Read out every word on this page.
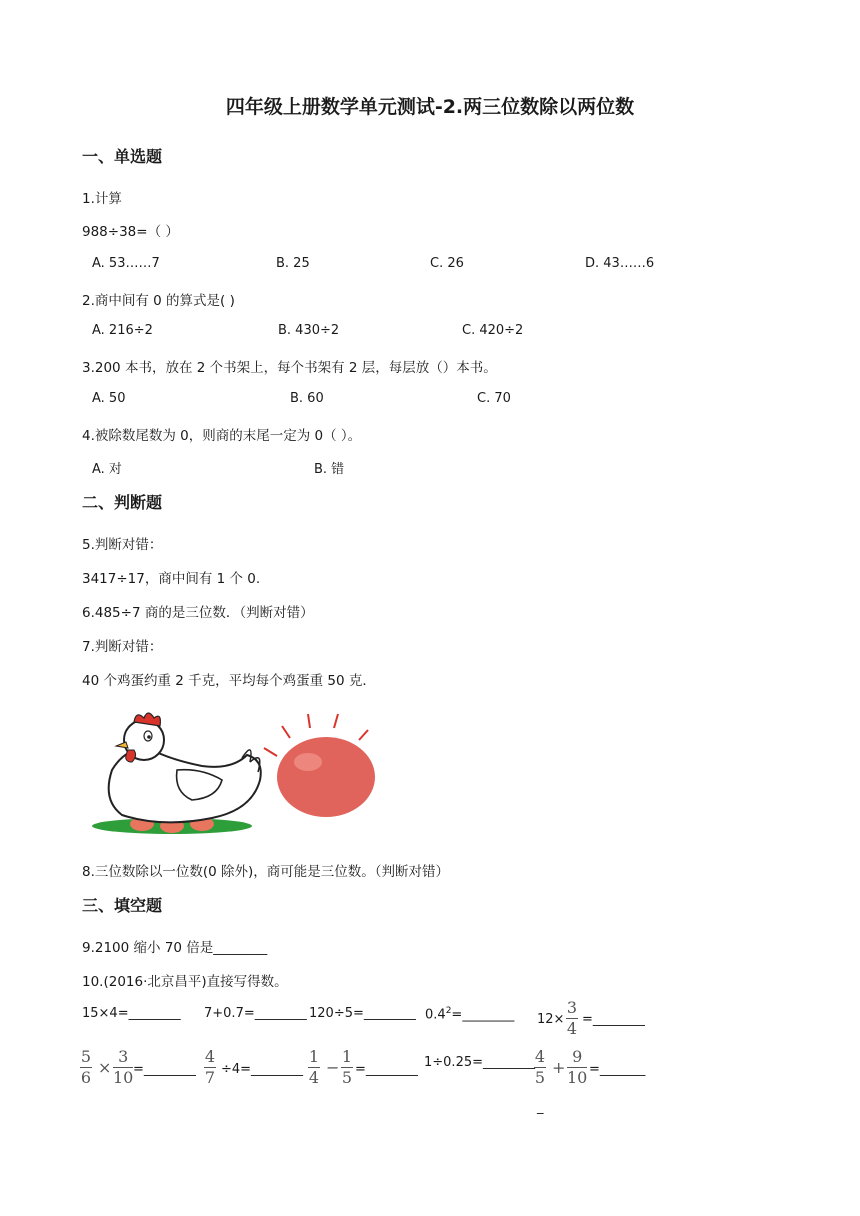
四年级上册数学单元测试-2.两三位数除以两位数
一、单选题
1.计算
988÷38=（ ）
A. 53……7	B. 25	C. 26	D. 43……6
2.商中间有 0 的算式是( )
A. 216÷2	B. 430÷2	C. 420÷2
3.200 本书，放在 2 个书架上，每个书架有 2 层，每层放（）本书。
A. 50	B. 60	C. 70
4.被除数尾数为 0，则商的末尾一定为 0（ ）。
A. 对	B. 错
二、判断题
5.判断对错：
3417÷17，商中间有 1 个 0.
6.485÷7 商的是三位数．（判断对错）
7.判断对错：
40 个鸡蛋约重 2 千克，平均每个鸡蛋重 50 克．
8.三位数除以一位数(0 除外)，商可能是三位数。（判断对错）
三、填空题
9.2100 缩小 70 倍是________
10.(2016·北京昌平)直接写得数。
15×4=________ 7+0.7=________ 120÷5=________ $0.4^2=\_\_\_\_\_\_\_\_$ 12×
3
4 =________
5
6
×
3
10 =________
4
7 ÷4=________
1
4
−
1
5 =________ 1÷0.25=________ 4
5
+
9
10 =_______
_
